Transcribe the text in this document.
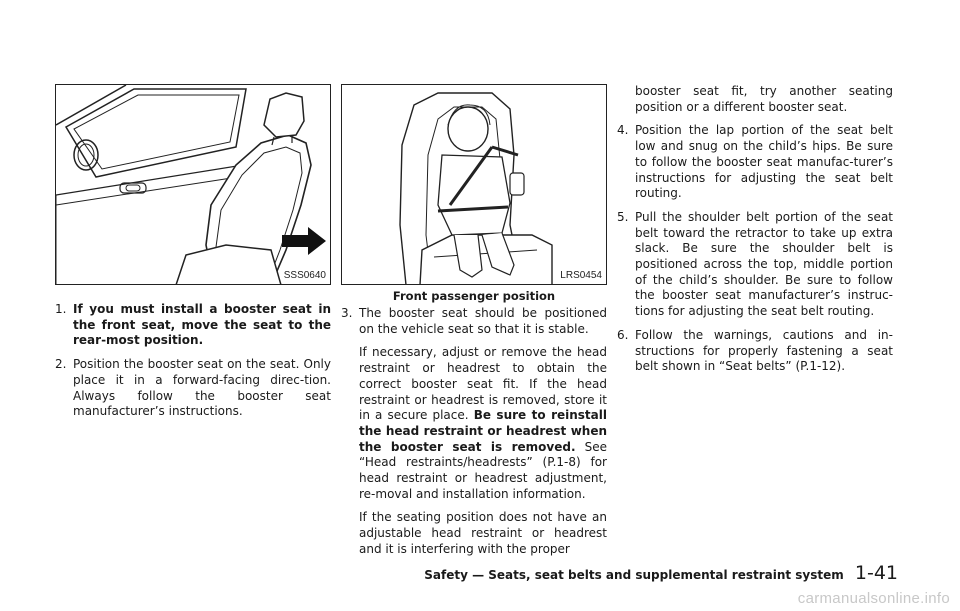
SSS0640	LRS0454
Front passenger position
1. If you must install a booster seat in the front seat, move the seat to the rear-most position.
2. Position the booster seat on the seat. Only place it in a forward-facing direc-tion. Always follow the booster seat manufacturer’s instructions.
3. The booster seat should be positioned on the vehicle seat so that it is stable.
If necessary, adjust or remove the head restraint or headrest to obtain the correct booster seat fit. If the head restraint or headrest is removed, store it in a secure place. Be sure to reinstall the head restraint or headrest when the booster seat is removed. See “Head restraints/headrests” (P.1-8) for head restraint or headrest adjustment, re-moval and installation information.
If the seating position does not have an adjustable head restraint or headrest and it is interfering with the proper
booster seat fit, try another seating position or a different booster seat.
4. Position the lap portion of the seat belt low and snug on the child’s hips. Be sure to follow the booster seat manufac-turer’s instructions for adjusting the seat belt routing.
5. Pull the shoulder belt portion of the seat belt toward the retractor to take up extra slack. Be sure the shoulder belt is positioned across the top, middle portion of the child’s shoulder. Be sure to follow the booster seat manufacturer’s instruc-tions for adjusting the seat belt routing.
6. Follow the warnings, cautions and in-structions for properly fastening a seat belt shown in “Seat belts” (P.1-12).
Safety — Seats, seat belts and supplemental restraint system 1-41
carmanualsonline.info
